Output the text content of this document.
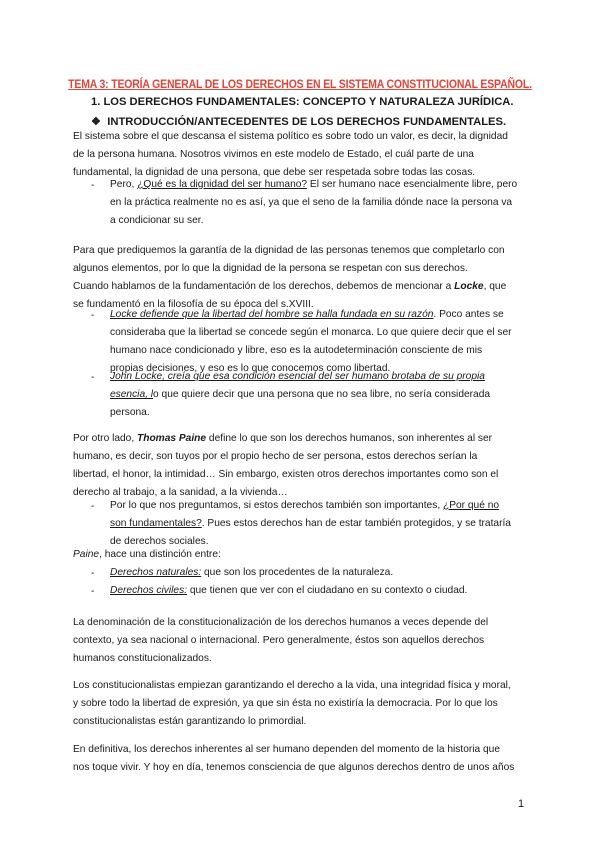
TEMA 3: TEORÍA GENERAL DE LOS DERECHOS EN EL SISTEMA CONSTITUCIONAL ESPAÑOL.
1. LOS DERECHOS FUNDAMENTALES: CONCEPTO Y NATURALEZA JURÍDICA.
❖ INTRODUCCIÓN/ANTECEDENTES DE LOS DERECHOS FUNDAMENTALES.
El sistema sobre el que descansa el sistema político es sobre todo un valor, es decir, la dignidad
de la persona humana. Nosotros vivimos en este modelo de Estado, el cuál parte de una
fundamental, la dignidad de una persona, que debe ser respetada sobre todas las cosas.
- Pero, ¿Qué es la dignidad del ser humano? El ser humano nace esencialmente libre, pero
en la práctica realmente no es así, ya que el seno de la familia dónde nace la persona va
a condicionar su ser.
Para que prediquemos la garantía de la dignidad de las personas tenemos que completarlo con
algunos elementos, por lo que la dignidad de la persona se respetan con sus derechos.
Cuando hablamos de la fundamentación de los derechos, debemos de mencionar a Locke, que
se fundamentó en la filosofía de su época del s.XVIII.
- Locke defiende que la libertad del hombre se halla fundada en su razón. Poco antes se
consideraba que la libertad se concede según el monarca. Lo que quiere decir que el ser
humano nace condicionado y libre, eso es la autodeterminación consciente de mis
propias decisiones, y eso es lo que conocemos como libertad.
- John Locke, creía que esa condición esencial del ser humano brotaba de su propia
esencia, lo que quiere decir que una persona que no sea libre, no sería considerada
persona.
Por otro lado, Thomas Paine define lo que son los derechos humanos, son inherentes al ser
humano, es decir, son tuyos por el propio hecho de ser persona, estos derechos serían la
libertad, el honor, la intimidad… Sin embargo, existen otros derechos importantes como son el
derecho al trabajo, a la sanidad, a la vivienda…
- Por lo que nos preguntamos, si estos derechos también son importantes, ¿Por qué no
son fundamentales?. Pues estos derechos han de estar también protegidos, y se trataría
de derechos sociales.
Paine, hace una distinción entre:
- Derechos naturales: que son los procedentes de la naturaleza.
- Derechos civiles: que tienen que ver con el ciudadano en su contexto o ciudad.
La denominación de la constitucionalización de los derechos humanos a veces depende del
contexto, ya sea nacional o internacional. Pero generalmente, éstos son aquellos derechos
humanos constitucionalizados.
Los constitucionalistas empiezan garantizando el derecho a la vida, una integridad física y moral,
y sobre todo la libertad de expresión, ya que sin ésta no existiría la democracia. Por lo que los
constitucionalistas están garantizando lo primordial.
En definitiva, los derechos inherentes al ser humano dependen del momento de la historia que
nos toque vivir. Y hoy en día, tenemos consciencia de que algunos derechos dentro de unos años
1
